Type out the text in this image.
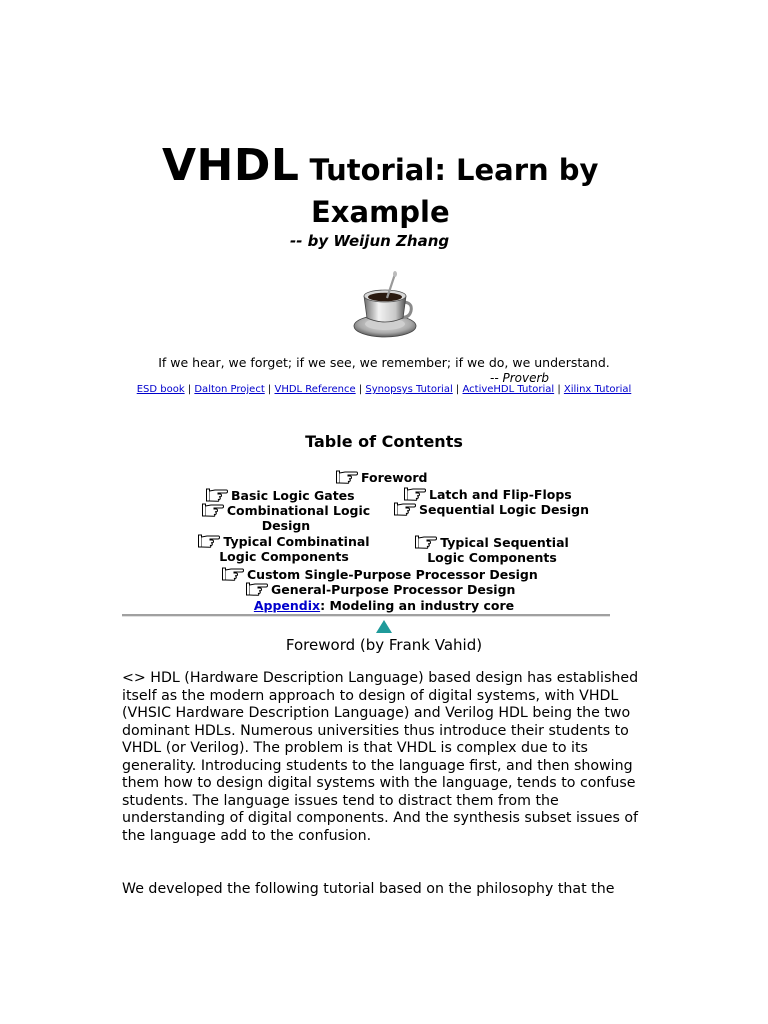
VHDL Tutorial: Learn by
Example
-- by Weijun Zhang
If we hear, we forget; if we see, we remember; if we do, we understand.
-- Proverb
ESD book | Dalton Project | VHDL Reference | Synopsys Tutorial | ActiveHDL Tutorial | Xilinx Tutorial
Table of Contents
Foreword
Basic Logic Gates	Latch and Flip-Flops
Combinational Logic
Design
Sequential Logic Design
Typical Combinatinal
Logic Components
Typical Sequential
Logic Components
Custom Single-Purpose Processor Design
General-Purpose Processor Design
Appendix: Modeling an industry core
Foreword (by Frank Vahid)
<> HDL (Hardware Description Language) based design has established itself as the modern approach to design of digital systems, with VHDL (VHSIC Hardware Description Language) and Verilog HDL being the two dominant HDLs. Numerous universities thus introduce their students to VHDL (or Verilog). The problem is that VHDL is complex due to its generality. Introducing students to the language first, and then showing them how to design digital systems with the language, tends to confuse students. The language issues tend to distract them from the understanding of digital components. And the synthesis subset issues of the language add to the confusion.
We developed the following tutorial based on the philosophy that the
